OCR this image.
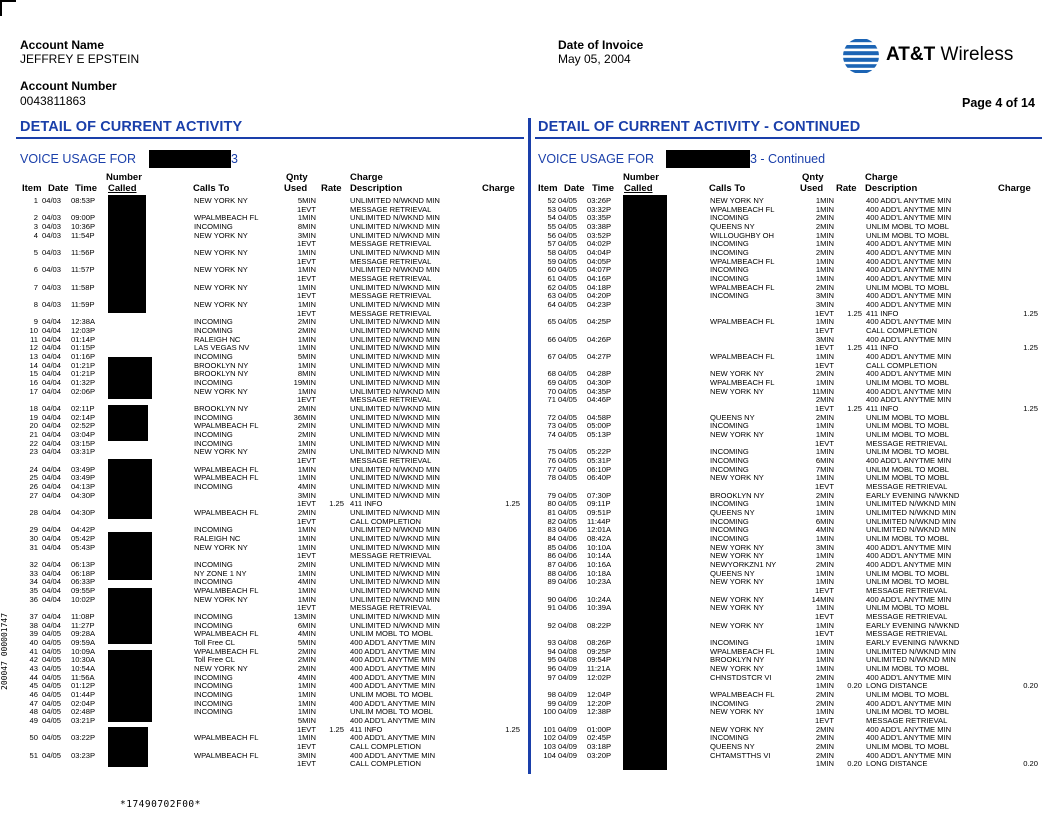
Account Name
JEFFREY E EPSTEIN
Account Number
0043811863
Date of Invoice
May 05, 2004
Page 4 of 14
AT&T Wireless
DETAIL OF CURRENT ACTIVITY	DETAIL OF CURRENT ACTIVITY - CONTINUED
VOICE USAGE FOR	3	VOICE USAGE FOR	3 - Continued
Number	Qnty	Charge
Item Date Time Called	Calls To	Used Rate Description	Charge
Number	Qnty	Charge
Item Date Time Called	Calls To	Used Rate Description	Charge
1 04/03 08:53P	NEW YORK NY	5MIN	UNLIMITED N/WKND MIN
1EVT	MESSAGE RETRIEVAL
2 04/03 09:00P	WPALMBEACH FL	1MIN	UNLIMITED N/WKND MIN
3 04/03 10:36P	INCOMING	8MIN	UNLIMITED N/WKND MIN
4 04/03 11:54P	NEW YORK NY	3MIN	UNLIMITED N/WKND MIN
1EVT	MESSAGE RETRIEVAL
5 04/03 11:56P	NEW YORK NY	1MIN	UNLIMITED N/WKND MIN
1EVT	MESSAGE RETRIEVAL
6 04/03 11:57P	NEW YORK NY	1MIN	UNLIMITED N/WKND MIN
1EVT	MESSAGE RETRIEVAL
7 04/03 11:58P	NEW YORK NY	1MIN	UNLIMITED N/WKND MIN
1EVT	MESSAGE RETRIEVAL
8 04/03 11:59P	NEW YORK NY	1MIN	UNLIMITED N/WKND MIN
1EVT	MESSAGE RETRIEVAL
9 04/04 12:38A	INCOMING	2MIN	UNLIMITED N/WKND MIN
10 04/04 12:03P	INCOMING	2MIN	UNLIMITED N/WKND MIN
11 04/04 01:14P	RALEIGH NC	1MIN	UNLIMITED N/WKND MIN
12 04/04 01:15P	LAS VEGAS NV	1MIN	UNLIMITED N/WKND MIN
13 04/04 01:16P	INCOMING	5MIN	UNLIMITED N/WKND MIN
14 04/04 01:21P	BROOKLYN NY	1MIN	UNLIMITED N/WKND MIN
15 04/04 01:21P	BROOKLYN NY	8MIN	UNLIMITED N/WKND MIN
16 04/04 01:32P	INCOMING	19MIN	UNLIMITED N/WKND MIN
17 04/04 02:06P	NEW YORK NY	1MIN	UNLIMITED N/WKND MIN
1EVT	MESSAGE RETRIEVAL
18 04/04 02:11P	BROOKLYN NY	2MIN	UNLIMITED N/WKND MIN
19 04/04 02:14P	INCOMING	36MIN	UNLIMITED N/WKND MIN
20 04/04 02:52P	WPALMBEACH FL	2MIN	UNLIMITED N/WKND MIN
21 04/04 03:04P	INCOMING	2MIN	UNLIMITED N/WKND MIN
22 04/04 03:15P	INCOMING	1MIN	UNLIMITED N/WKND MIN
23 04/04 03:31P	NEW YORK NY	2MIN	UNLIMITED N/WKND MIN
1EVT	MESSAGE RETRIEVAL
24 04/04 03:49P	WPALMBEACH FL	1MIN	UNLIMITED N/WKND MIN
25 04/04 03:49P	WPALMBEACH FL	1MIN	UNLIMITED N/WKND MIN
26 04/04 04:13P	INCOMING	4MIN	UNLIMITED N/WKND MIN
27 04/04 04:30P	3MIN	UNLIMITED N/WKND MIN
1EVT 1.25 411 INFO	1.25
28 04/04 04:30P	WPALMBEACH FL	2MIN	UNLIMITED N/WKND MIN
1EVT	CALL COMPLETION
29 04/04 04:42P	INCOMING	1MIN	UNLIMITED N/WKND MIN
30 04/04 05:42P	RALEIGH NC	1MIN	UNLIMITED N/WKND MIN
31 04/04 05:43P	NEW YORK NY	1MIN	UNLIMITED N/WKND MIN
1EVT	MESSAGE RETRIEVAL
32 04/04 06:13P	INCOMING	2MIN	UNLIMITED N/WKND MIN
33 04/04 06:18P	NY ZONE 1 NY	1MIN	UNLIMITED N/WKND MIN
34 04/04 06:33P	INCOMING	4MIN	UNLIMITED N/WKND MIN
35 04/04 09:55P	WPALMBEACH FL	1MIN	UNLIMITED N/WKND MIN
36 04/04 10:02P	NEW YORK NY	1MIN	UNLIMITED N/WKND MIN
1EVT	MESSAGE RETRIEVAL
37 04/04 11:08P	INCOMING	13MIN	UNLIMITED N/WKND MIN
38 04/04 11:27P	INCOMING	6MIN	UNLIMITED N/WKND MIN
39 04/05 09:28A	WPALMBEACH FL	4MIN	UNLIM MOBL TO MOBL
40 04/05 09:59A	Toll Free CL	5MIN	400 ADD'L ANYTME MIN
41 04/05 10:09A	WPALMBEACH FL	2MIN	400 ADD'L ANYTME MIN
42 04/05 10:30A	Toll Free CL	2MIN	400 ADD'L ANYTME MIN
43 04/05 10:54A	NEW YORK NY	2MIN	400 ADD'L ANYTME MIN
44 04/05 11:56A	INCOMING	4MIN	400 ADD'L ANYTME MIN
45 04/05 01:12P	INCOMING	1MIN	400 ADD'L ANYTME MIN
46 04/05 01:44P	INCOMING	1MIN	UNLIM MOBL TO MOBL
47 04/05 02:04P	INCOMING	1MIN	400 ADD'L ANYTME MIN
48 04/05 02:48P	INCOMING	1MIN	UNLIM MOBL TO MOBL
49 04/05 03:21P	5MIN	400 ADD'L ANYTME MIN
1EVT 1.25 411 INFO	1.25
50 04/05 03:22P	WPALMBEACH FL	1MIN	400 ADD'L ANYTME MIN
1EVT	CALL COMPLETION
51 04/05 03:23P	WPALMBEACH FL	3MIN	400 ADD'L ANYTME MIN
1EVT	CALL COMPLETION
52 04/05 03:26P	NEW YORK NY	1MIN	400 ADD'L ANYTME MIN
53 04/05 03:32P	WPALMBEACH FL	1MIN	400 ADD'L ANYTME MIN
54 04/05 03:35P	INCOMING	2MIN	400 ADD'L ANYTME MIN
55 04/05 03:38P	QUEENS NY	2MIN	UNLIM MOBL TO MOBL
56 04/05 03:52P	WILLOUGHBY OH	1MIN	UNLIM MOBL TO MOBL
57 04/05 04:02P	INCOMING	1MIN	400 ADD'L ANYTME MIN
58 04/05 04:04P	INCOMING	2MIN	400 ADD'L ANYTME MIN
59 04/05 04:05P	WPALMBEACH FL	1MIN	400 ADD'L ANYTME MIN
60 04/05 04:07P	INCOMING	1MIN	400 ADD'L ANYTME MIN
61 04/05 04:16P	INCOMING	1MIN	400 ADD'L ANYTME MIN
62 04/05 04:18P	WPALMBEACH FL	2MIN	UNLIM MOBL TO MOBL
63 04/05 04:20P	INCOMING	3MIN	400 ADD'L ANYTME MIN
64 04/05 04:23P	3MIN	400 ADD'L ANYTME MIN
1EVT 1.25 411 INFO	1.25
65 04/05 04:25P	WPALMBEACH FL	1MIN	400 ADD'L ANYTME MIN
1EVT	CALL COMPLETION
66 04/05 04:26P	3MIN	400 ADD'L ANYTME MIN
1EVT 1.25 411 INFO	1.25
67 04/05 04:27P	WPALMBEACH FL	1MIN	400 ADD'L ANYTME MIN
1EVT	CALL COMPLETION
68 04/05 04:28P	NEW YORK NY	2MIN	400 ADD'L ANYTME MIN
69 04/05 04:30P	WPALMBEACH FL	1MIN	UNLIM MOBL TO MOBL
70 04/05 04:35P	NEW YORK NY	11MIN	400 ADD'L ANYTME MIN
71 04/05 04:46P	2MIN	400 ADD'L ANYTME MIN
1EVT 1.25 411 INFO	1.25
72 04/05 04:58P	QUEENS NY	2MIN	UNLIM MOBL TO MOBL
73 04/05 05:00P	INCOMING	1MIN	UNLIM MOBL TO MOBL
74 04/05 05:13P	NEW YORK NY	1MIN	UNLIM MOBL TO MOBL
1EVT	MESSAGE RETRIEVAL
75 04/05 05:22P	INCOMING	1MIN	UNLIM MOBL TO MOBL
76 04/05 05:31P	INCOMING	6MIN	400 ADD'L ANYTME MIN
77 04/05 06:10P	INCOMING	7MIN	UNLIM MOBL TO MOBL
78 04/05 06:40P	NEW YORK NY	1MIN	UNLIM MOBL TO MOBL
1EVT	MESSAGE RETRIEVAL
79 04/05 07:30P	BROOKLYN NY	2MIN	EARLY EVENING N/WKND
80 04/05 09:11P	INCOMING	1MIN	UNLIMITED N/WKND MIN
81 04/05 09:51P	QUEENS NY	1MIN	UNLIMITED N/WKND MIN
82 04/05 11:44P	INCOMING	6MIN	UNLIMITED N/WKND MIN
83 04/06 12:01A	INCOMING	4MIN	UNLIMITED N/WKND MIN
84 04/06 08:42A	INCOMING	1MIN	UNLIM MOBL TO MOBL
85 04/06 10:10A	NEW YORK NY	3MIN	400 ADD'L ANYTME MIN
86 04/06 10:14A	NEW YORK NY	1MIN	400 ADD'L ANYTME MIN
87 04/06 10:16A	NEWYORKZN1 NY	2MIN	400 ADD'L ANYTME MIN
88 04/06 10:18A	QUEENS NY	1MIN	UNLIM MOBL TO MOBL
89 04/06 10:23A	NEW YORK NY	1MIN	UNLIM MOBL TO MOBL
1EVT	MESSAGE RETRIEVAL
90 04/06 10:24A	NEW YORK NY	14MIN	400 ADD'L ANYTME MIN
91 04/06 10:39A	NEW YORK NY	1MIN	UNLIM MOBL TO MOBL
1EVT	MESSAGE RETRIEVAL
92 04/08 08:22P	NEW YORK NY	1MIN	EARLY EVENING N/WKND
1EVT	MESSAGE RETRIEVAL
93 04/08 08:26P	INCOMING	1MIN	EARLY EVENING N/WKND
94 04/08 09:25P	WPALMBEACH FL	1MIN	UNLIMITED N/WKND MIN
95 04/08 09:54P	BROOKLYN NY	1MIN	UNLIMITED N/WKND MIN
96 04/09 11:21A	NEW YORK NY	1MIN	UNLIM MOBL TO MOBL
97 04/09 12:02P	CHNSTDSTCR VI	2MIN	400 ADD'L ANYTME MIN
1MIN 0.20 LONG DISTANCE	0.20
98 04/09 12:04P	WPALMBEACH FL	2MIN	UNLIM MOBL TO MOBL
99 04/09 12:20P	INCOMING	2MIN	400 ADD'L ANYTME MIN
100 04/09 12:38P	NEW YORK NY	1MIN	UNLIM MOBL TO MOBL
1EVT	MESSAGE RETRIEVAL
101 04/09 01:00P	NEW YORK NY	2MIN	400 ADD'L ANYTME MIN
102 04/09 02:45P	INCOMING	2MIN	400 ADD'L ANYTME MIN
103 04/09 03:18P	QUEENS NY	2MIN	UNLIM MOBL TO MOBL
104 04/09 03:20P	CHTAMSTTHS VI	2MIN	400 ADD'L ANYTME MIN
1MIN 0.20 LONG DISTANCE	0.20
*17490702F00*
200047 000001747
